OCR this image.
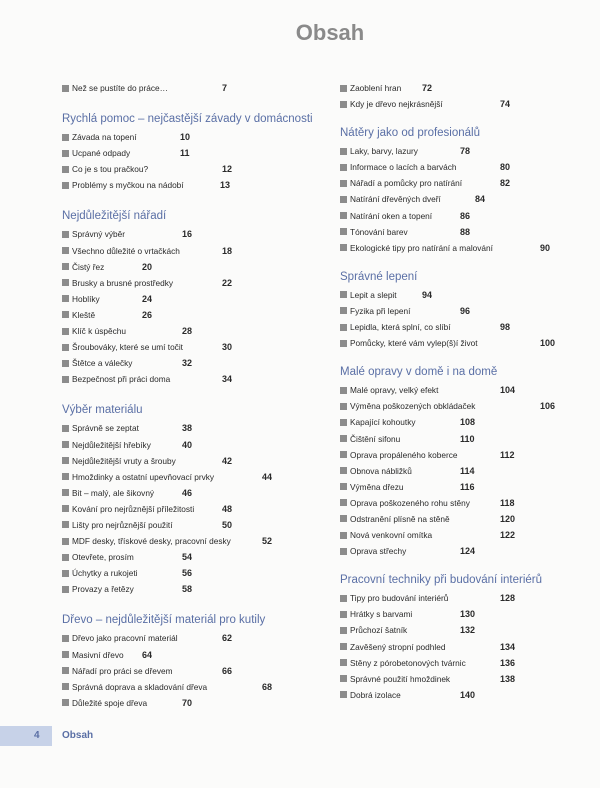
Obsah
Než se pustíte do práce…	7
Rychlá pomoc – nejčastější závady v domácnosti
Závada na topení	10
Ucpané odpady	11
Co je s tou pračkou?	12
Problémy s myčkou na nádobí	13
Nejdůležitější nářadí
Správný výběr	16
Všechno důležité o vrtačkách	18
Čistý řez	20
Brusky a brusné prostředky	22
Hoblíky	24
Kleště	26
Klíč k úspěchu	28
Šroubováky, které se umí točit	30
Štětce a válečky	32
Bezpečnost při práci doma	34
Výběr materiálu
Správně se zeptat	38
Nejdůležitější hřebíky	40
Nejdůležitější vruty a šrouby	42
Hmoždinky a ostatní upevňovací prvky	44
Bit – malý, ale šikovný	46
Kování pro nejrůznější příležitosti	48
Lišty pro nejrůznější použití	50
MDF desky, třískové desky, pracovní desky	52
Otevřete, prosím	54
Úchytky a rukojeti	56
Provazy a řetězy	58
Dřevo – nejdůležitější materiál pro kutily
Dřevo jako pracovní materiál	62
Masivní dřevo 64
Nářadí pro práci se dřevem	66
Správná doprava a skladování dřeva	68
Důležité spoje dřeva	70
Zaoblení hran 72
Kdy je dřevo nejkrásnější	74
Nátěry jako od profesionálů
Laky, barvy, lazury	78
Informace o lacích a barvách	80
Nářadí a pomůcky pro natírání	82
Natírání dřevěných dveří	84
Natírání oken a topení	86
Tónování barev	88
Ekologické tipy pro natírání a malování	90
Správné lepení
Lepit a slepit	94
Fyzika při lepení	96
Lepidla, která splní, co slíbí	98
Pomůcky, které vám vylep(š)í život	100
Malé opravy v domě i na domě
Malé opravy, velký efekt	104
Výměna poškozených obkládaček	106
Kapající kohoutky	108
Čištění sifonu	110
Oprava propáleného koberce	112
Obnova nábližků	114
Výměna dřezu	116
Oprava poškozeného rohu stěny	118
Odstranění plísně na stěně	120
Nová venkovní omítka	122
Oprava střechy	124
Pracovní techniky při budování interiérů
Tipy pro budování interiérů	128
Hrátky s barvami	130
Průchozí šatník	132
Zavěšený stropní podhled	134
Stěny z pórobetonových tvárnic	136
Správné použití hmoždinek	138
Dobrá izolace	140
4 Obsah
